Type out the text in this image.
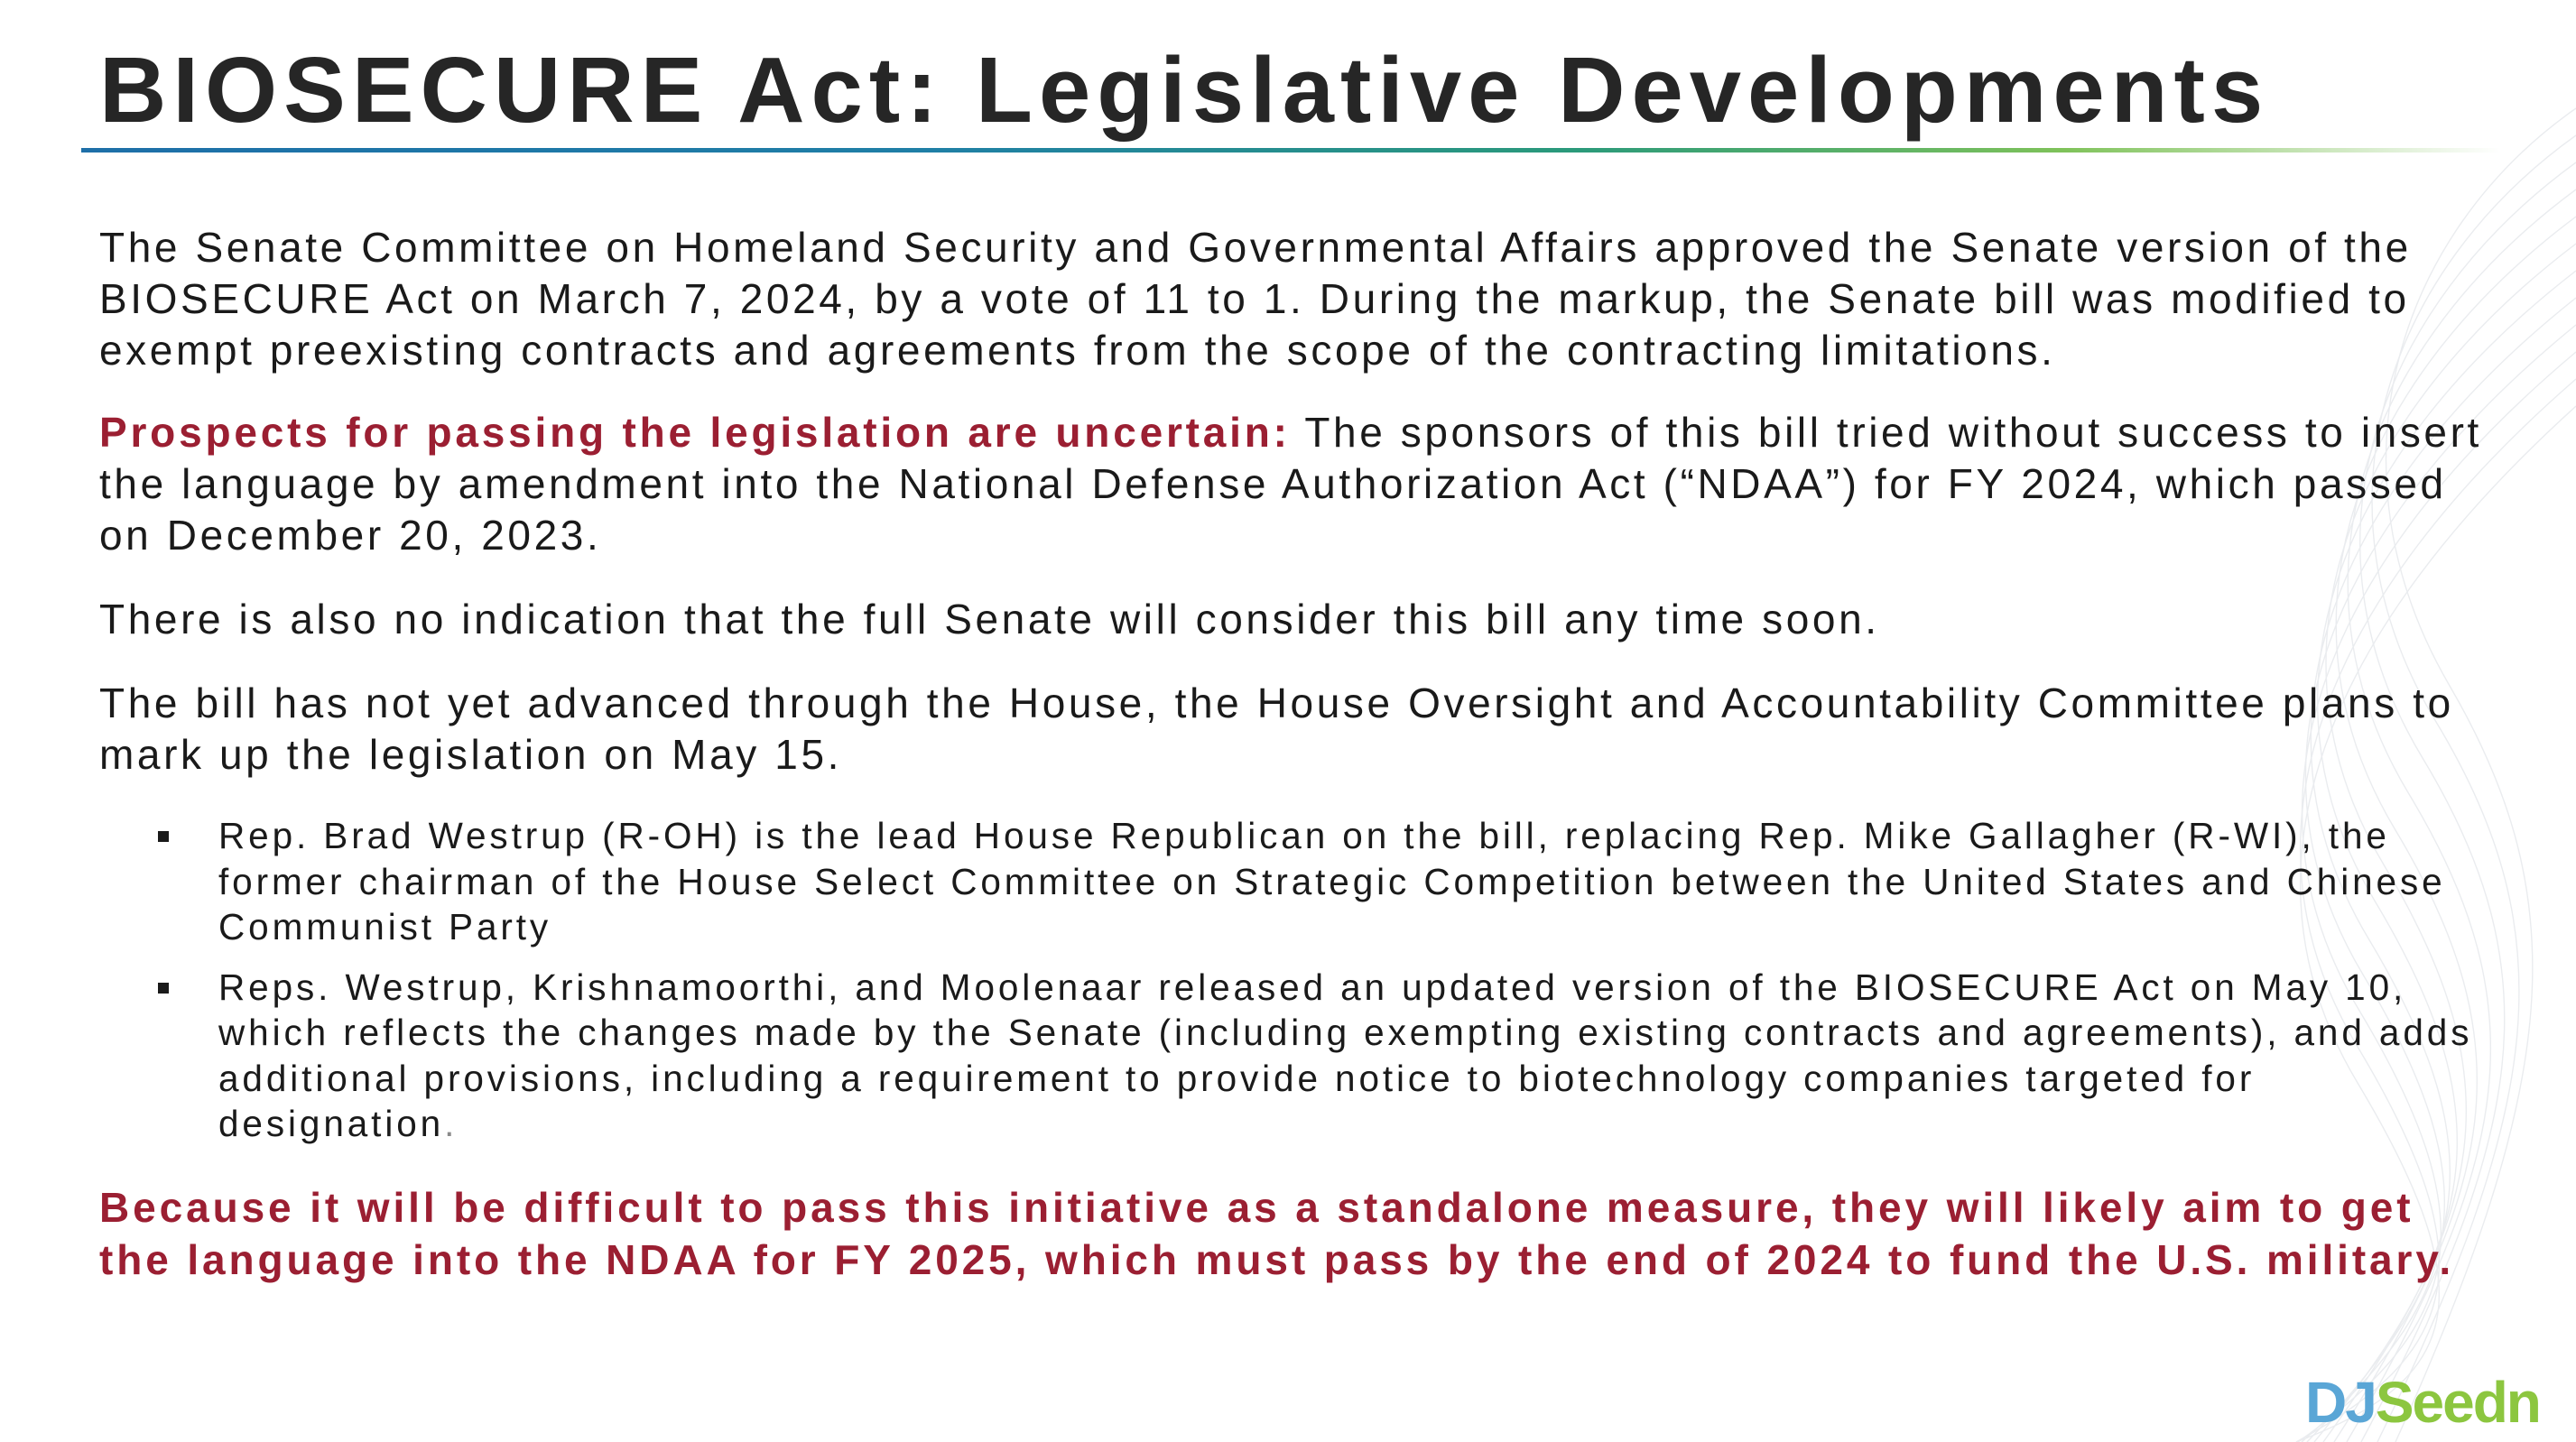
BIOSECURE Act: Legislative Developments

The Senate Committee on Homeland Security and Governmental Affairs approved the Senate version of the BIOSECURE Act on March 7, 2024, by a vote of 11 to 1. During the markup, the Senate bill was modified to exempt preexisting contracts and agreements from the scope of the contracting limitations.

Prospects for passing the legislation are uncertain: The sponsors of this bill tried without success to insert the language by amendment into the National Defense Authorization Act (“NDAA”) for FY 2024, which passed on December 20, 2023.

There is also no indication that the full Senate will consider this bill any time soon.

The bill has not yet advanced through the House, the House Oversight and Accountability Committee plans to mark up the legislation on May 15.

Rep. Brad Westrup (R-OH) is the lead House Republican on the bill, replacing Rep. Mike Gallagher (R-WI), the former chairman of the House Select Committee on Strategic Competition between the United States and Chinese Communist Party
Reps. Westrup, Krishnamoorthi, and Moolenaar released an updated version of the BIOSECURE Act on May 10, which reflects the changes made by the Senate (including exempting existing contracts and agreements), and adds additional provisions, including a requirement to provide notice to biotechnology companies targeted for designation.

Because it will be difficult to pass this initiative as a standalone measure, they will likely aim to get the language into the NDAA for FY 2025, which must pass by the end of 2024 to fund the U.S. military.

DJSeedn
